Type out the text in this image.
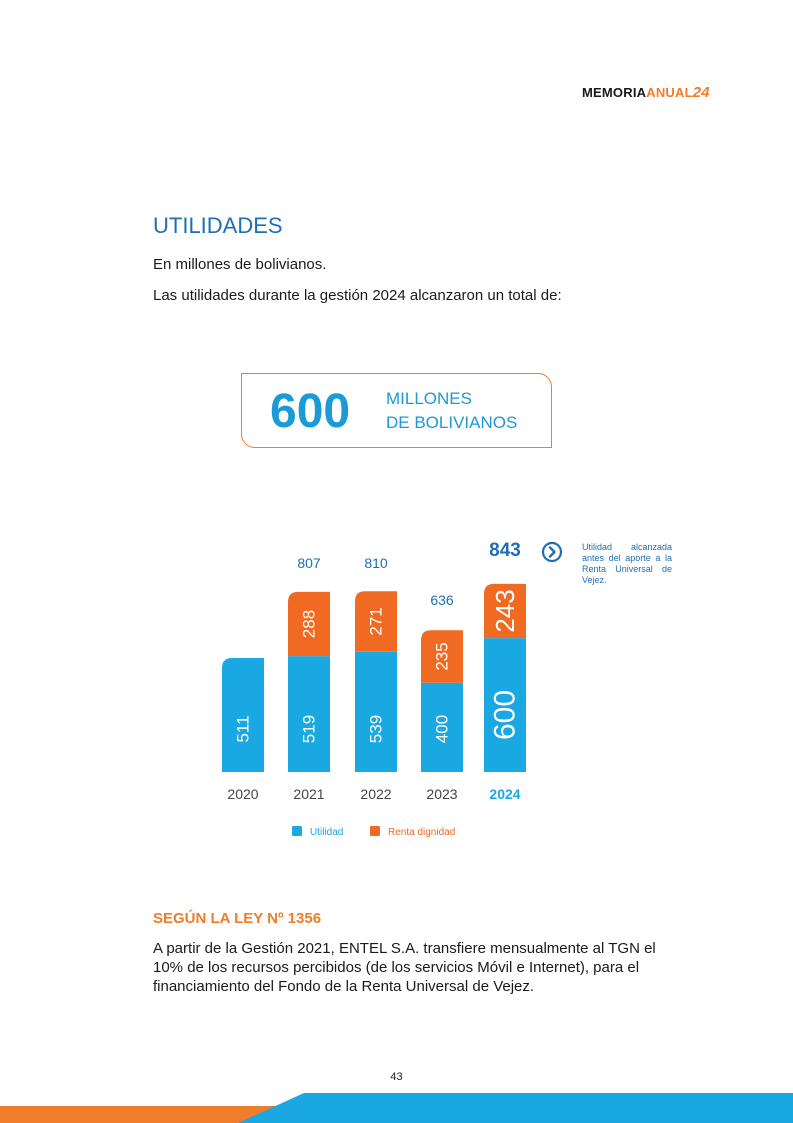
MEMORIAANUAL24
UTILIDADES
En millones de bolivianos.
Las utilidades durante la gestión 2024 alcanzaron un total de:
600 MILLONES
DE BOLIVIANOS
511
2020
519
288
807
2021
539
271
810
2022
400
235
636
2023
600
243
843
2024
Utilidad	Renta dignidad
Utilidad alcanzada antes del aporte a la Renta Universal de Vejez.
SEGÚN LA LEY Nº 1356

A partir de la Gestión 2021, ENTEL S.A. transfiere mensualmente al TGN el 10% de los recursos percibidos (de los servicios Móvil e Internet), para el financiamiento del Fondo de la Renta Universal de Vejez.

43
